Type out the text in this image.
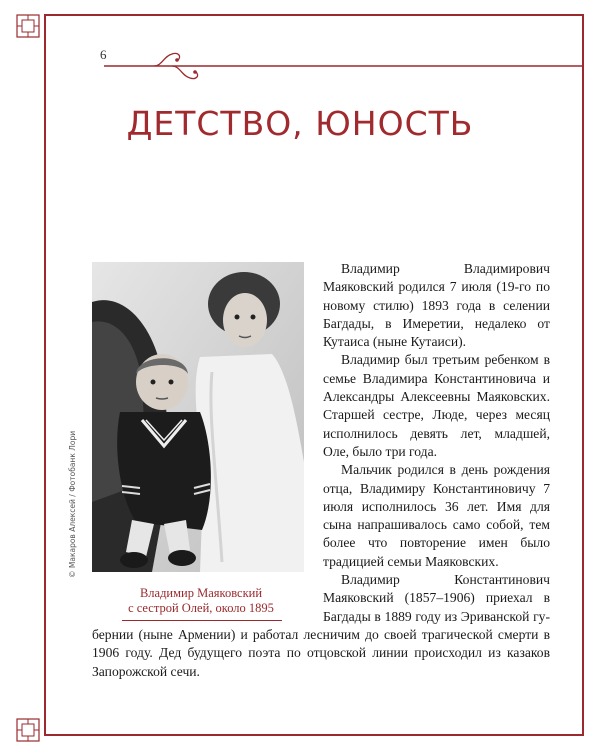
6
ДЕТСТВО, ЮНОСТЬ
© Макаров Алексей / Фотобанк Лори
Владимир Маяковский
с сестрой Олей, около 1895

Владимир Владимирович Маяковский родился 7 июля (19-го по новому стилю) 1893 года в селении Багдады, в Имеретии, недалеко от Кутаиса (ныне Кутаиси).

Владимир был третьим ребенком в семье Владимира Константиновича и Александры Алексеевны Маяковских. Старшей сестре, Люде, через месяц исполнилось девять лет, младшей, Оле, было три года.

Мальчик родился в день рождения отца, Владимиру Константиновичу 7 июля исполнилось 36 лет. Имя для сына напрашивалось само собой, тем более что повторение имен было традицией семьи Маяковских.

Владимир Константинович Маяковский (1857–1906) приехал в Багдады в 1889 году из Эриванской гу-

бернии (ныне Армении) и работал лесничим до своей трагической смерти в 1906 году. Дед будущего поэта по отцовской линии происходил из казаков Запорожской сечи.
